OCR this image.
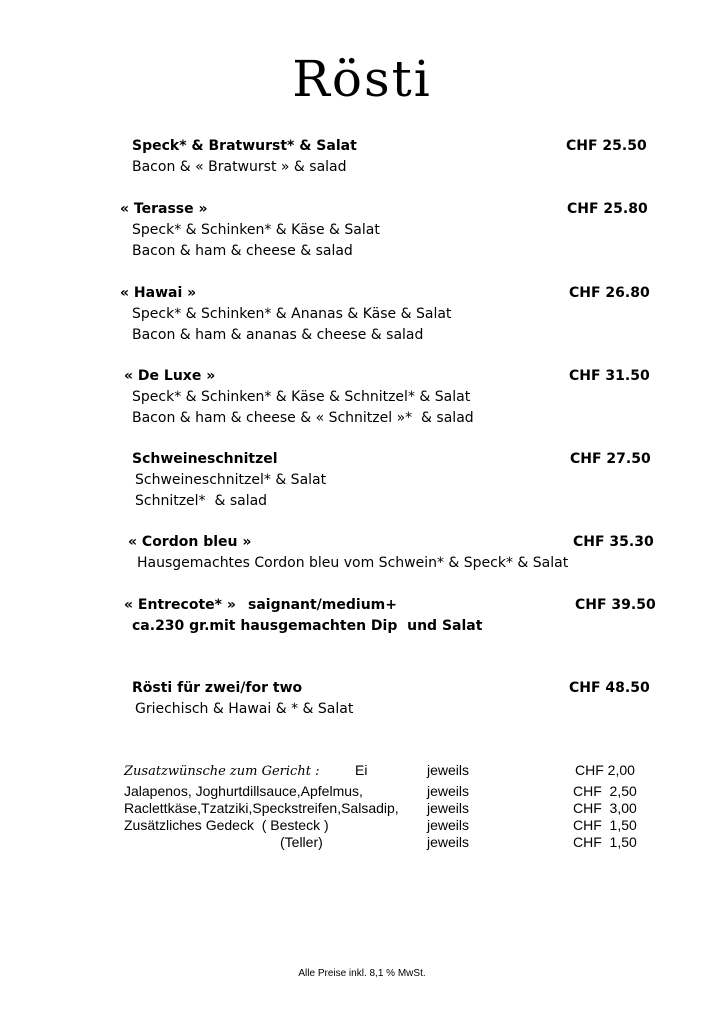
Rösti
Speck* & Bratwurst* & Salat	CHF 25.50
Bacon & « Bratwurst » & salad
« Terasse »	CHF 25.80
Speck* & Schinken* & Käse & Salat
Bacon & ham & cheese & salad
« Hawai »	CHF 26.80
Speck* & Schinken* & Ananas & Käse & Salat
Bacon & ham & ananas & cheese & salad
« De Luxe »	CHF 31.50
Speck* & Schinken* & Käse & Schnitzel* & Salat
Bacon & ham & cheese & « Schnitzel »*  & salad
Schweineschnitzel	CHF 27.50
Schweineschnitzel* & Salat
Schnitzel*  & salad
« Cordon bleu »	CHF 35.30
Hausgemachtes Cordon bleu vom Schwein* & Speck* & Salat
« Entrecote* » saignant/medium+	CHF 39.50
ca.230 gr.mit hausgemachten Dip  und Salat
Rösti für zwei/for two	CHF 48.50
Griechisch & Hawai & * & Salat
Zusatzwünsche zum Gericht :	Ei	jeweils	CHF 2,00
Jalapenos, Joghurtdillsauce,Apfelmus,	jeweils	CHF  2,50
Raclettkäse,Tzatziki,Speckstreifen,Salsadip, jeweils	CHF  3,00
Zusätzliches Gedeck  ( Besteck )	jeweils	CHF  1,50
(Teller)	jeweils	CHF  1,50
Alle Preise inkl. 8,1 % MwSt.
